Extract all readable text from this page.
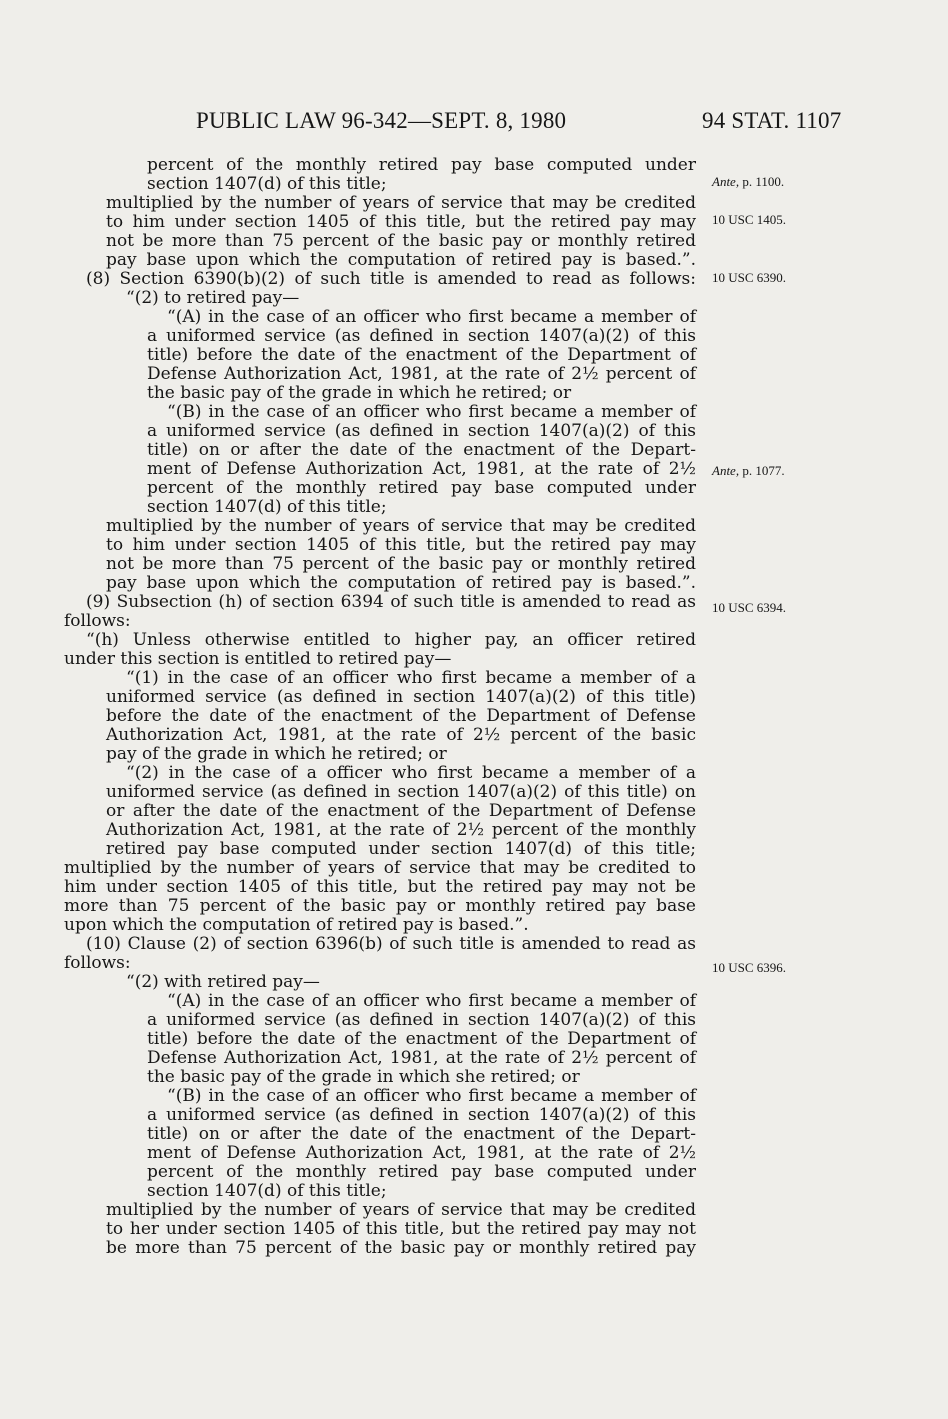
PUBLIC LAW 96-342—SEPT. 8, 1980	94 STAT. 1107
percent of the monthly retired pay base computed under
section 1407(d) of this title;
multiplied by the number of years of service that may be credited
to him under section 1405 of this title, but the retired pay may
not be more than 75 percent of the basic pay or monthly retired
pay base upon which the computation of retired pay is based.”.
(8) Section 6390(b)(2) of such title is amended to read as follows:
“(2) to retired pay—
“(A) in the case of an officer who first became a member of
a uniformed service (as defined in section 1407(a)(2) of this
title) before the date of the enactment of the Department of
Defense Authorization Act, 1981, at the rate of 2½ percent of
the basic pay of the grade in which he retired; or
“(B) in the case of an officer who first became a member of
a uniformed service (as defined in section 1407(a)(2) of this
title) on or after the date of the enactment of the Depart-
ment of Defense Authorization Act, 1981, at the rate of 2½
percent of the monthly retired pay base computed under
section 1407(d) of this title;
multiplied by the number of years of service that may be credited
to him under section 1405 of this title, but the retired pay may
not be more than 75 percent of the basic pay or monthly retired
pay base upon which the computation of retired pay is based.”.
(9) Subsection (h) of section 6394 of such title is amended to read as
follows:
“(h) Unless otherwise entitled to higher pay, an officer retired
under this section is entitled to retired pay—
“(1) in the case of an officer who first became a member of a
uniformed service (as defined in section 1407(a)(2) of this title)
before the date of the enactment of the Department of Defense
Authorization Act, 1981, at the rate of 2½ percent of the basic
pay of the grade in which he retired; or
“(2) in the case of a officer who first became a member of a
uniformed service (as defined in section 1407(a)(2) of this title) on
or after the date of the enactment of the Department of Defense
Authorization Act, 1981, at the rate of 2½ percent of the monthly
retired pay base computed under section 1407(d) of this title;
multiplied by the number of years of service that may be credited to
him under section 1405 of this title, but the retired pay may not be
more than 75 percent of the basic pay or monthly retired pay base
upon which the computation of retired pay is based.”.
(10) Clause (2) of section 6396(b) of such title is amended to read as
follows:
“(2) with retired pay—
“(A) in the case of an officer who first became a member of
a uniformed service (as defined in section 1407(a)(2) of this
title) before the date of the enactment of the Department of
Defense Authorization Act, 1981, at the rate of 2½ percent of
the basic pay of the grade in which she retired; or
“(B) in the case of an officer who first became a member of
a uniformed service (as defined in section 1407(a)(2) of this
title) on or after the date of the enactment of the Depart-
ment of Defense Authorization Act, 1981, at the rate of 2½
percent of the monthly retired pay base computed under
section 1407(d) of this title;
multiplied by the number of years of service that may be credited
to her under section 1405 of this title, but the retired pay may not
be more than 75 percent of the basic pay or monthly retired pay
Ante, p. 1100.
10 USC 1405.
10 USC 6390.
Ante, p. 1077.
10 USC 6394.
10 USC 6396.
